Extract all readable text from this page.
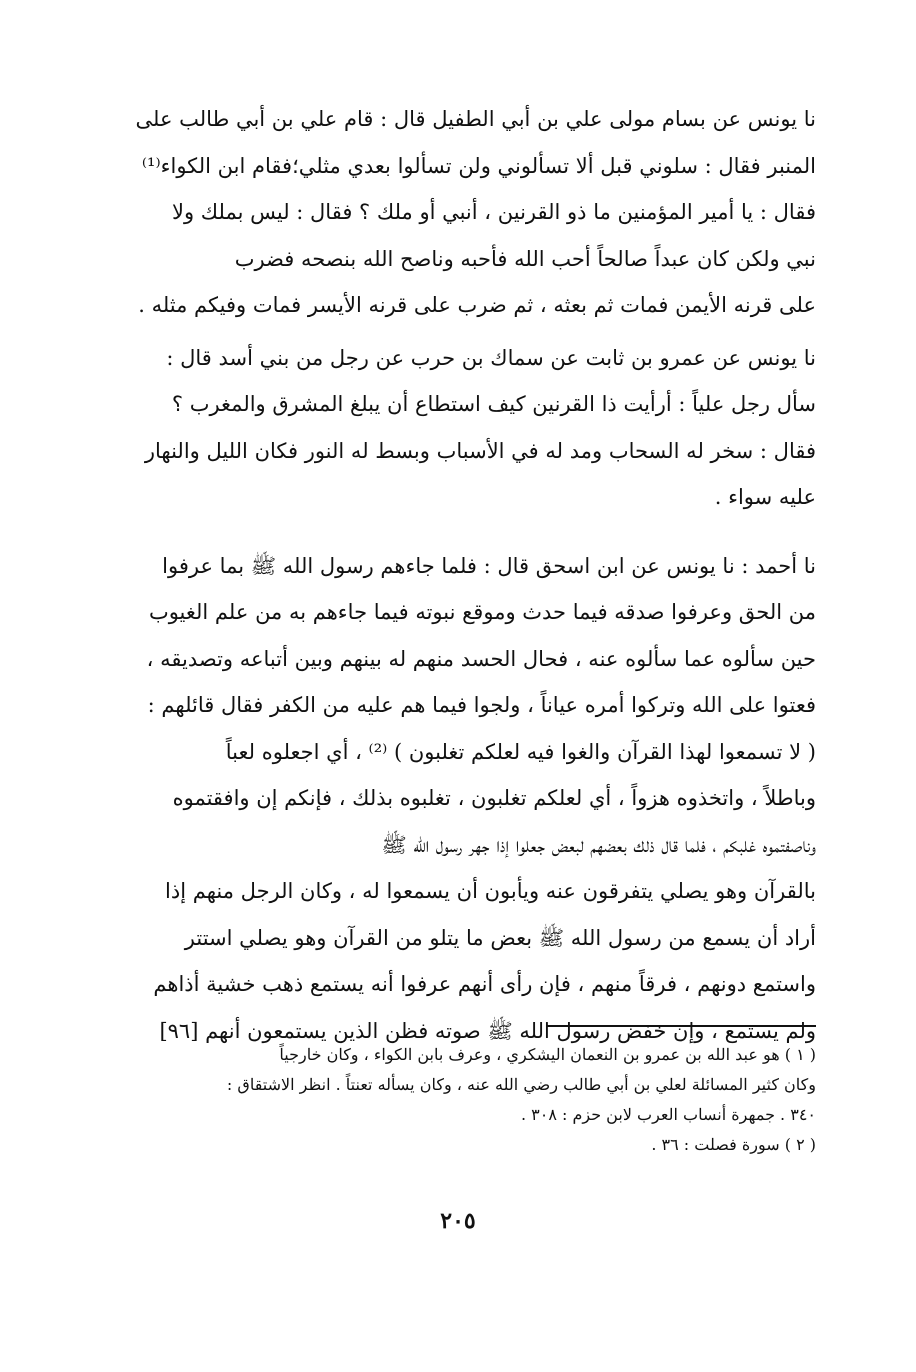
نا يونس عن بسام مولى علي بن أبي الطفيل قال : قام علي بن أبي طالب على
المنبر فقال : سلوني قبل ألا تسألوني ولن تسألوا بعدي مثلي؛فقام ابن الكواء⁽¹⁾
فقال : يا أمير المؤمنين ما ذو القرنين ، أنبي أو ملك ؟ فقال : ليس بملك ولا
نبي ولكن كان عبداً صالحاً أحب الله فأحبه وناصح الله بنصحه فضرب
على قرنه الأيمن فمات ثم بعثه ، ثم ضرب على قرنه الأيسر فمات وفيكم مثله .

نا يونس عن عمرو بن ثابت عن سماك بن حرب عن رجل من بني أسد قال :
سأل رجل علياً : أرأيت ذا القرنين كيف استطاع أن يبلغ المشرق والمغرب ؟
فقال : سخر له السحاب ومد له في الأسباب وبسط له النور فكان الليل والنهار
عليه سواء .

نا أحمد : نا يونس عن ابن اسحق قال : فلما جاءهم رسول الله ﷺ بما عرفوا
من الحق وعرفوا صدقه فيما حدث وموقع نبوته فيما جاءهم به من علم الغيوب
حين سألوه عما سألوه عنه ، فحال الحسد منهم له بينهم وبين أتباعه وتصديقه ،
فعتوا على الله وتركوا أمره عياناً ، ولجوا فيما هم عليه من الكفر فقال قائلهم :
( لا تسمعوا لهذا القرآن والغوا فيه لعلكم تغلبون ) ⁽²⁾ ، أي اجعلوه لعباً
وباطلاً ، واتخذوه هزواً ، أي لعلكم تغلبون ، تغلبوه بذلك ، فإنكم إن وافقتموه
وناصفتموه غلبكم ، فلما قال ذلك بعضهم لبعض جعلوا إذا جهر رسول الله ﷺ
بالقرآن وهو يصلي يتفرقون عنه ويأبون أن يسمعوا له ، وكان الرجل منهم إذا
أراد أن يسمع من رسول الله ﷺ بعض ما يتلو من القرآن وهو يصلي استتر
واستمع دونهم ، فرقاً منهم ، فإن رأى أنهم عرفوا أنه يستمع ذهب خشية أذاهم
ولم يستمع ، وإن خفض رسول الله ﷺ صوته فظن الذين يستمعون أنهم [٩٦]

( ١ ) هو عبد الله بن عمرو بن النعمان اليشكري ، وعرف بابن الكواء ، وكان خارجياً

وكان كثير المسائلة لعلي بن أبي طالب رضي الله عنه ، وكان يسأله تعنتاً . انظر الاشتقاق :

٣٤٠ . جمهرة أنساب العرب لابن حزم : ٣٠٨ .

( ٢ ) سورة فصلت : ٣٦ .

٢٠٥
